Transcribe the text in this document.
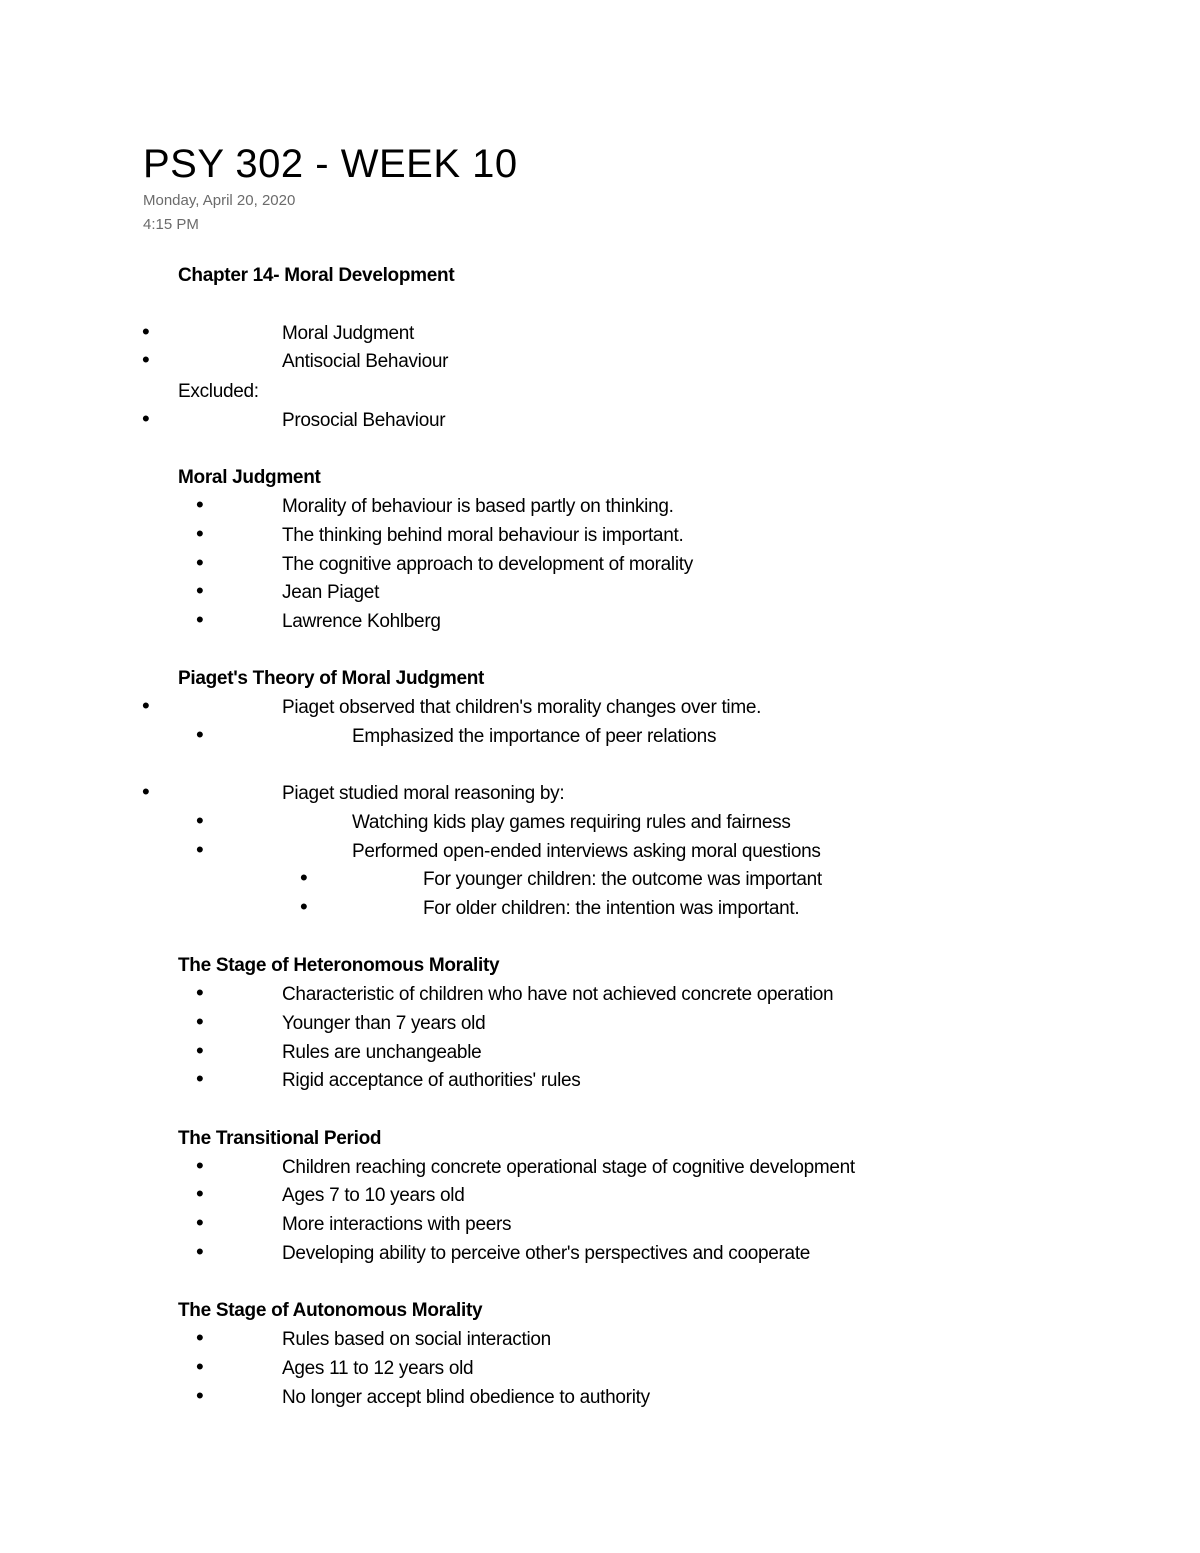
PSY 302 - WEEK 10
Monday, April 20, 2020
4:15 PM
Chapter 14- Moral Development
•	Moral Judgment
•	Antisocial Behaviour
Excluded:
•	Prosocial Behaviour
Moral Judgment
•	Morality of behaviour is based partly on thinking.
•	The thinking behind moral behaviour is important.
•	The cognitive approach to development of morality
•	Jean Piaget
•	Lawrence Kohlberg
Piaget's Theory of Moral Judgment
•	Piaget observed that children's morality changes over time.
•	Emphasized the importance of peer relations
•	Piaget studied moral reasoning by:
•	Watching kids play games requiring rules and fairness
•	Performed open-ended interviews asking moral questions
•	For younger children: the outcome was important
•	For older children: the intention was important.
The Stage of Heteronomous Morality
•	Characteristic of children who have not achieved concrete operation
•	Younger than 7 years old
•	Rules are unchangeable
•	Rigid acceptance of authorities' rules
The Transitional Period
•	Children reaching concrete operational stage of cognitive development
•	Ages 7 to 10 years old
•	More interactions with peers
•	Developing ability to perceive other's perspectives and cooperate
The Stage of Autonomous Morality
•	Rules based on social interaction
•	Ages 11 to 12 years old
•	No longer accept blind obedience to authority
